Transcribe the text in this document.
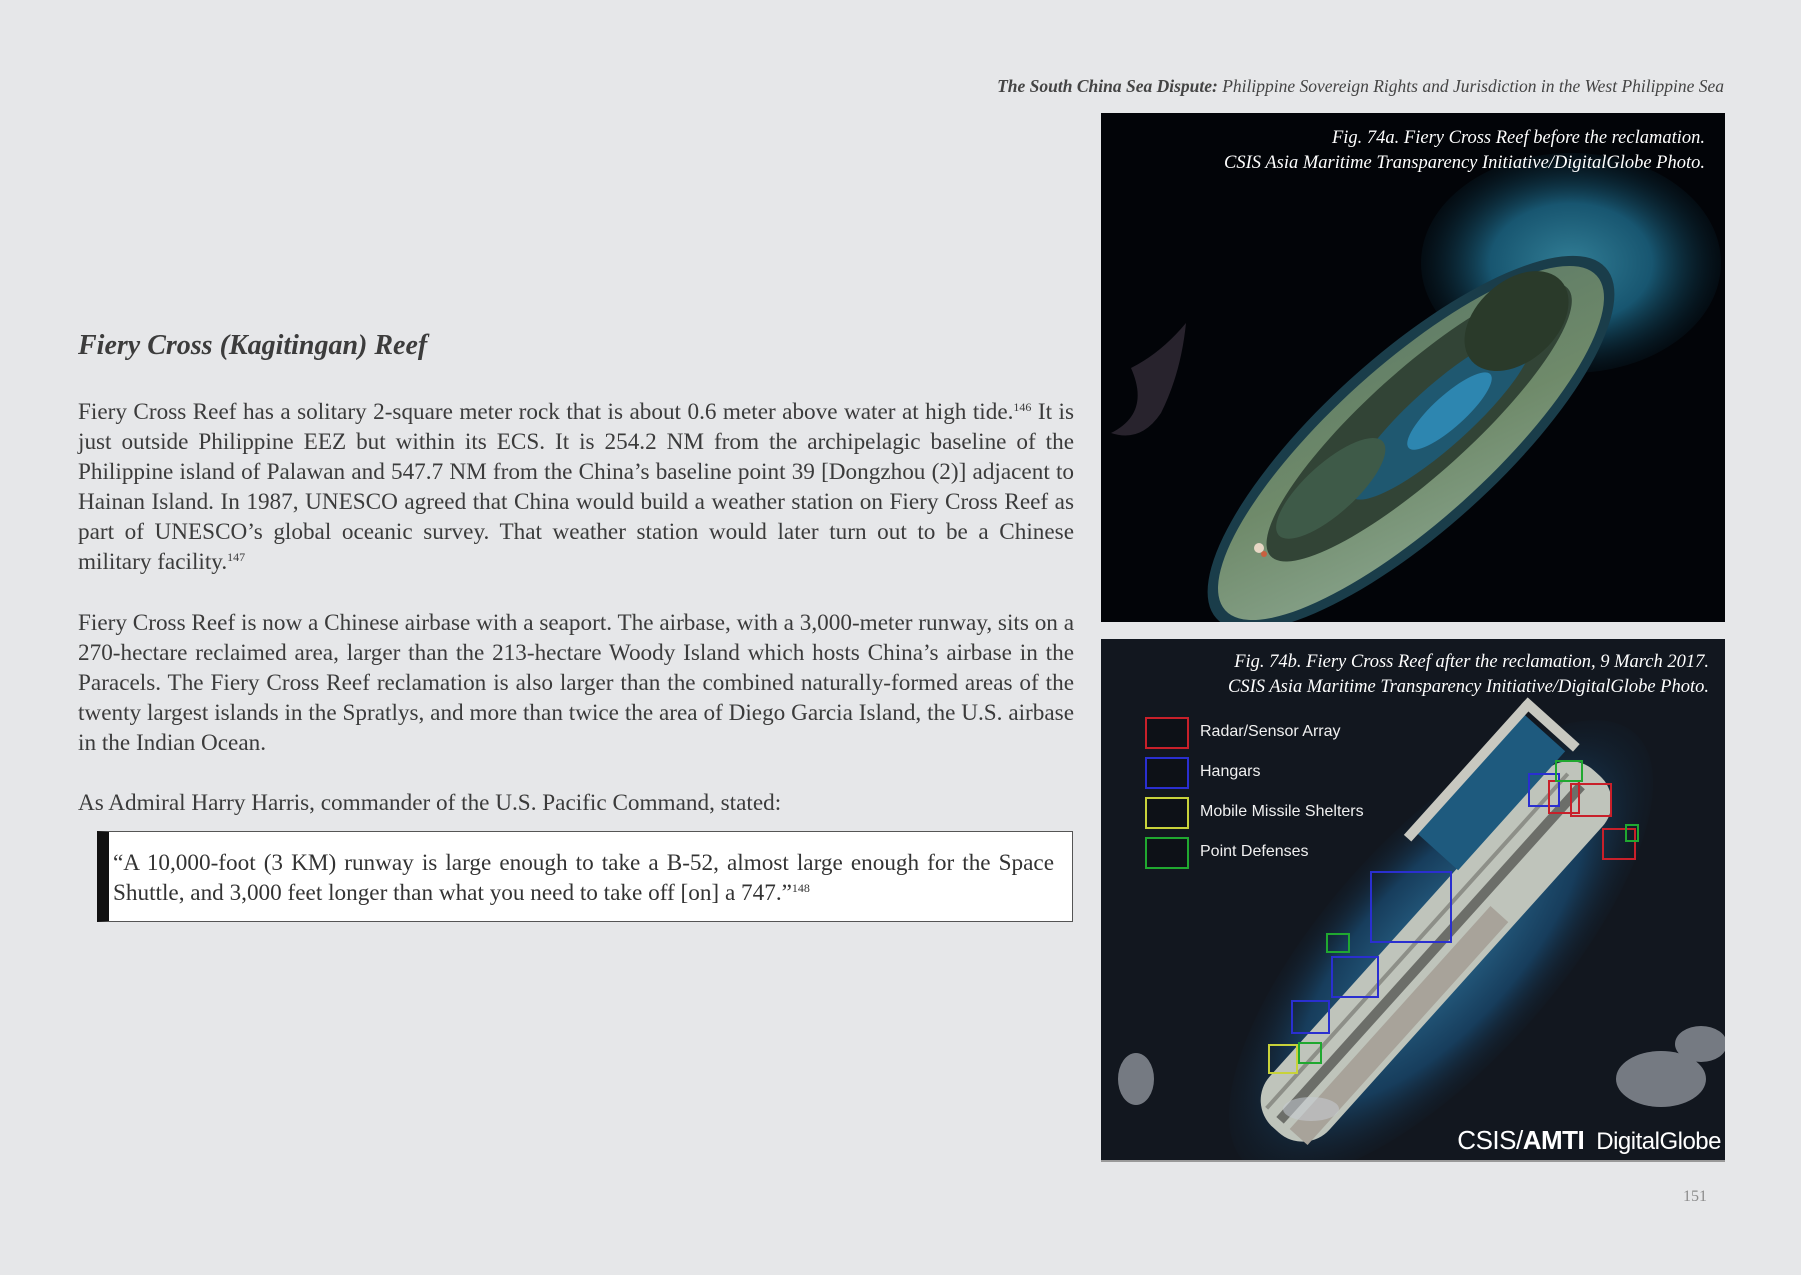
The South China Sea Dispute: Philippine Sovereign Rights and Jurisdiction in the West Philippine Sea
Fiery Cross (Kagitingan) Reef
Fiery Cross Reef has a solitary 2-square meter rock that is about 0.6 meter above water at high tide.$^{146}$ It is just outside Philippine EEZ but within its ECS. It is 254.2 NM from the archipelagic baseline of the Philippine island of Palawan and 547.7 NM from the China’s baseline point 39 [Dongzhou (2)] adjacent to Hainan Island. In 1987, UNESCO agreed that China would build a weather station on Fiery Cross Reef as part of UNESCO’s global oceanic survey. That weather station would later turn out to be a Chinese military facility.$^{147}$
Fiery Cross Reef is now a Chinese airbase with a seaport. The airbase, with a 3,000-meter runway, sits on a 270-hectare reclaimed area, larger than the 213-hectare Woody Island which hosts China’s airbase in the Paracels. The Fiery Cross Reef reclamation is also larger than the combined naturally-formed areas of the twenty largest islands in the Spratlys, and more than twice the area of Diego Garcia Island, the U.S. airbase in the Indian Ocean.
As Admiral Harry Harris, commander of the U.S. Pacific Command, stated:
“A 10,000-foot (3 KM) runway is large enough to take a B-52, almost large enough for the Space Shuttle, and 3,000 feet longer than what you need to take off [on] a 747.”$^{148}$
Fig. 74a. Fiery Cross Reef before the reclamation.
CSIS Asia Maritime Transparency Initiative/DigitalGlobe Photo.
Fig. 74b. Fiery Cross Reef after the reclamation, 9 March 2017.
CSIS Asia Maritime Transparency Initiative/DigitalGlobe Photo.
Radar/Sensor Array
Hangars
Mobile Missile Shelters
Point Defenses
CSIS/AMTI DigitalGlobe
151
